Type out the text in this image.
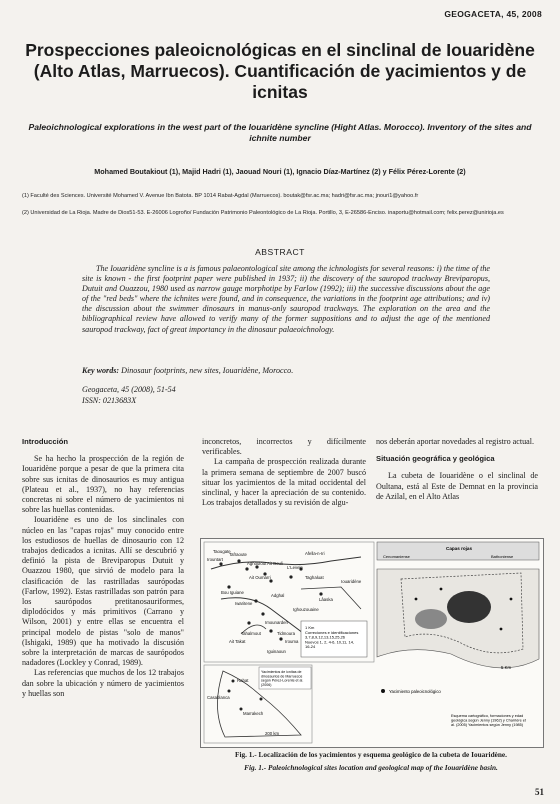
GEOGACETA, 45, 2008
Prospecciones paleoicnológicas en el sinclinal de Iouaridène (Alto Atlas, Marruecos). Cuantificación de yacimientos y de icnitas
Paleoichnological explorations in the west part of the Iouaridène syncline (Hight Atlas. Morocco). Inventory of the sites and ichnite number
Mohamed Boutakiout (1), Majid Hadri (1), Jaouad Nouri (1), Ignacio Díaz-Martínez (2) y Félix Pérez-Lorente (2)
(1) Faculté des Sciences. Université Mohamed V. Avenue Ibn Batota. BP 1014 Rabat-Agdal (Marruecos). boutak@fsr.ac.ma; hadri@fsr.ac.ma; jnouri1@yahoo.fr
(2) Universidad de La Rioja. Madre de Dios51-53. E-26006 Logroño/ Fundación Patrimonio Paleontológico de La Rioja. Portillo, 3, E-26586-Enciso. inaportu@hotmail.com; felix.perez@unirioja.es
ABSTRACT

The Iouaridène syncline is a is famous palaeontological site among the ichnologists for several reasons: i) the time of the site is known - the first footprint paper were published in 1937; ii) the discovery of the sauropod trackway Breviparopus, Dutuit and Ouazzou, 1980 used as narrow gauge morphotipe by Farlow (1992); iii) the successive discussions about the age of the "red beds" where the ichnites were found, and in consequence, the variations in the footprint age attributions; and iv) the discussion about the swimmer dinosaurs in manus-only sauropod trackways. The exploration on the area and the bibliographical review have allowed to verify many of the former suppositions and to adjust the age of the mentioned sauropod trackway, fact of great importancy in the dinosaur palaeoichnology.

Key words: Dinosaur footprints, new sites, Iouaridène, Morocco.
Geogaceta, 45 (2008), 51-54
ISSN: 0213683X
Introducción

Se ha hecho la prospección de la región de Iouaridène porque a pesar de que la primera cita sobre sus icnitas de dinosaurios es muy antigua (Plateau et al., 1937), no hay referencias concretas ni sobre el número de yacimientos ni sobre las huellas contenidas.

Iouaridène es uno de los sinclinales con núcleo en las "capas rojas" muy conocido entre los estudiosos de huellas de dinosaurio con 12 trabajos dedicados a icnitas. Allí se descubrió y definió la pista de Breviparopus Dutuit y Ouazzou 1980, que sirvió de modelo para la clasificación de las rastrilladas saurópodas (Farlow, 1992). Estas rastrilladas son patrón para los saurópodos pretitanosauriformes, diplodócidos y más primitivos (Carrano y Wilson, 2001) y entre ellas se encuentra el principal modelo de pistas "solo de manos" (Ishigaki, 1989) que ha motivado la discusión sobre la interpretación de marcas de saurópodos nadadores (Lockley y Conrad, 1989).

Las referencias que muchos de los 12 trabajos dan sobre la ubicación y número de yacimientos y huellas son

inconcretos, incorrectos y difícilmente verificables.

La campaña de prospección realizada durante la primera semana de septiembre de 2007 buscó situar los yacimientos de la mitad occidental del sinclinal, y hacer la apreciación de su contenido. Los trabajos detallados y su revisión de algu-

nos deberán aportar novedades al registro actual.

Situación geográfica y geológica

La cubeta de Iouaridène o el sinclinal de Oultana, está al Este de Demnat en la provincia de Azilal, en el Alto Atlas

Taougate
Irountart
Tafraoute
Aghoulout Ait Bouli
L'Levele
Ait Oumarri
Bou Iguiane
Iwaritene
Afella-n-Iri
Taghaluat
Lâaska
Iouaridène
Ighouzouaine
Adghal
Imounarden
Tidmoura
Irouma
Tahalmout
Ait Takat
Iguinaoun
1 Km Correciones e identificaciones 3,7,8,9,12,13,15,25,26 Nuevos 1, 2, 4-6, 10,11, 14, 16-24
Rabat
Casablanca
Marrakech
200 km
Yacimientos de icnitas de dinosaurios de Marruecos según Pérez-Lorente et al. (2006)
Capas rojas
Cenomaniense	Bathoniense
5 Km
Yacimiento paleoicnológico
Esquema cartográfico, formaciones y edad geológica según Jenny (1962) y Charrière et al. (2005) Yacimientos según Jenny (1985)
Fig. 1.- Localización de los yacimientos y esquema geológico de la cubeta de Iouaridène.
Fig. 1.- Paleoichnological sites location and geological map of the Iouaridène basin.
51
